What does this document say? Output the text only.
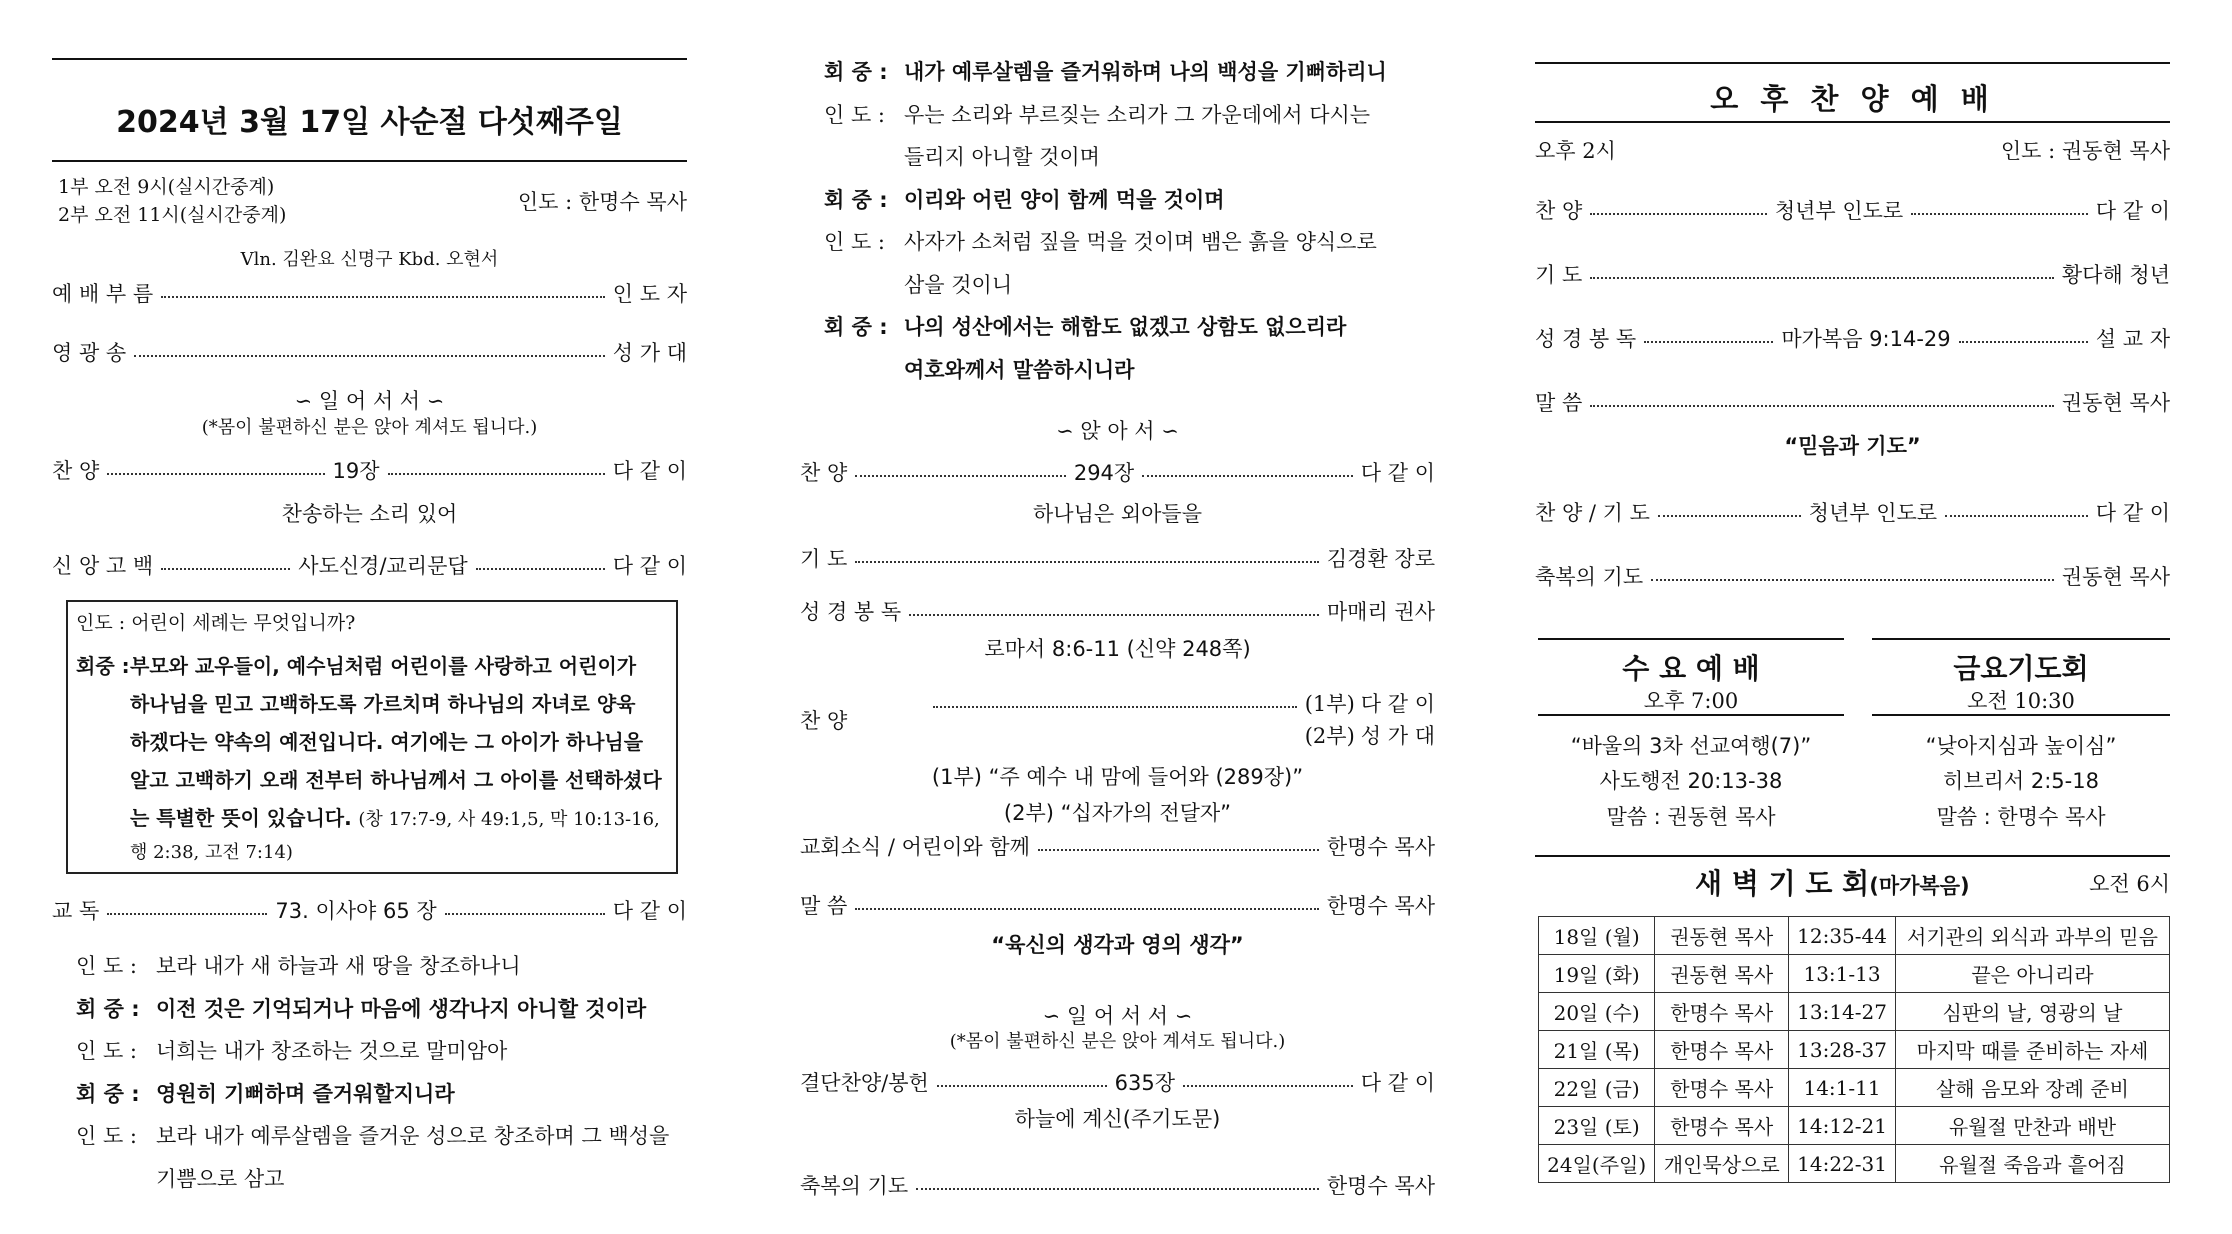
2024년 3월 17일 사순절 다섯째주일
1부 오전 9시(실시간중계)
2부 오전 11시(실시간중계)
인도 : 한명수 목사
Vln. 김완요 신명구 Kbd. 오현서
예 배 부 름	인 도 자
영 광 송	성 가 대
∽ 일 어 서 서 ∽
(*몸이 불편하신 분은 앉아 계셔도 됩니다.)
찬 양	19장	다 같 이
찬송하는 소리 있어
신 앙 고 백	사도신경/교리문답	다 같 이
인도 : 어린이 세례는 무엇입니까?
회중 : 부모와 교우들이, 예수님처럼 어린이를 사랑하고 어린이가
하나님을 믿고 고백하도록 가르치며 하나님의 자녀로 양육
하겠다는 약속의 예전입니다. 여기에는 그 아이가 하나님을
알고 고백하기 오래 전부터 하나님께서 그 아이를 선택하셨다
는 특별한 뜻이 있습니다. (창 17:7-9, 사 49:1,5, 막 10:13-16,
행 2:38, 고전 7:14)
교 독	73. 이사야 65 장	다 같 이
인 도 : 보라 내가 새 하늘과 새 땅을 창조하나니
회 중 : 이전 것은 기억되거나 마음에 생각나지 아니할 것이라
인 도 : 너희는 내가 창조하는 것으로 말미암아
회 중 : 영원히 기뻐하며 즐거워할지니라
인 도 : 보라 내가 예루살렘을 즐거운 성으로 창조하며 그 백성을
기쁨으로 삼고
회 중 : 내가 예루살렘을 즐거워하며 나의 백성을 기뻐하리니
인 도 : 우는 소리와 부르짖는 소리가 그 가운데에서 다시는
들리지 아니할 것이며
회 중 : 이리와 어린 양이 함께 먹을 것이며
인 도 : 사자가 소처럼 짚을 먹을 것이며 뱀은 흙을 양식으로
삼을 것이니
회 중 : 나의 성산에서는 해함도 없겠고 상함도 없으리라
여호와께서 말씀하시니라
∽ 앉 아 서 ∽
찬 양	294장	다 같 이
하나님은 외아들을
기 도	김경환 장로
성 경 봉 독	마매리 권사
로마서 8:6-11 (신약 248쪽)
찬 양
(1부) 다 같 이
(2부) 성 가 대
(1부) “주 예수 내 맘에 들어와 (289장)”
(2부) “십자가의 전달자”
교회소식 / 어린이와 함께	한명수 목사
말 씀	한명수 목사
“육신의 생각과 영의 생각”
∽ 일 어 서 서 ∽
(*몸이 불편하신 분은 앉아 계셔도 됩니다.)
결단찬양/봉헌	635장	다 같 이
하늘에 계신(주기도문)
축복의 기도	한명수 목사
오 후 찬 양 예 배
오후 2시	인도 : 권동현 목사
찬 양	청년부 인도로	다 같 이
기 도	황다해 청년
성 경 봉 독	마가복음 9:14-29	설 교 자
말 씀	권동현 목사
“믿음과 기도”
찬 양 / 기 도	청년부 인도로	다 같 이
축복의 기도	권동현 목사
수 요 예 배
오후 7:00
“바울의 3차 선교여행(7)”
사도행전 20:13-38
말씀 : 권동현 목사
금요기도회
오전 10:30
“낮아지심과 높이심”
히브리서 2:5-18
말씀 : 한명수 목사
새 벽 기 도 회(마가복음)	오전 6시
18일 (월)	권동현 목사	12:35-44	서기관의 외식과 과부의 믿음
19일 (화)	권동현 목사	13:1-13	끝은 아니리라
20일 (수)	한명수 목사	13:14-27	심판의 날, 영광의 날
21일 (목)	한명수 목사	13:28-37	마지막 때를 준비하는 자세
22일 (금)	한명수 목사	14:1-11	살해 음모와 장례 준비
23일 (토)	한명수 목사	14:12-21	유월절 만찬과 배반
24일(주일)	개인묵상으로	14:22-31	유월절 죽음과 흩어짐
